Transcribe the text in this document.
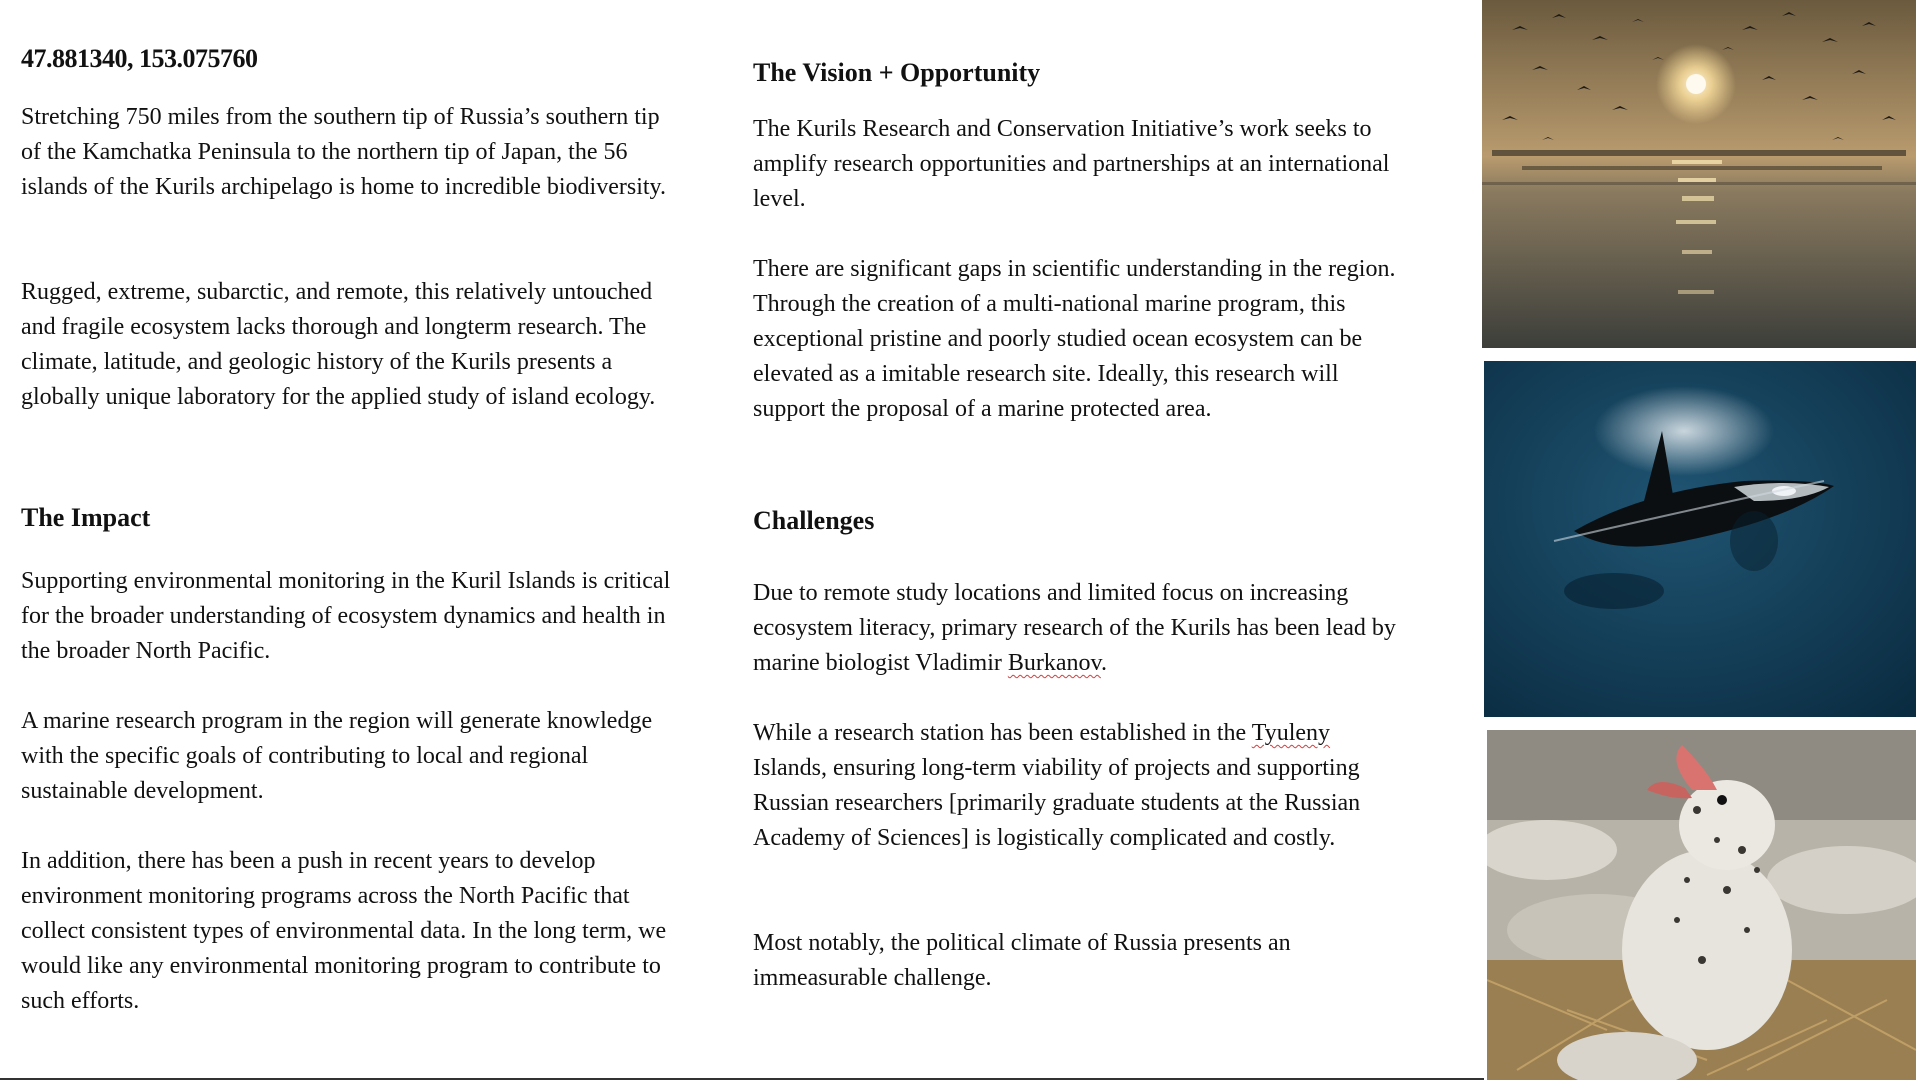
47.881340, 153.075760

Stretching 750 miles from the southern tip of Russia’s southern tip of the Kamchatka Peninsula to the northern tip of Japan, the 56 islands of the Kurils archipelago is home to incredible biodiversity.

Rugged, extreme, subarctic, and remote, this relatively untouched and fragile ecosystem lacks thorough and longterm research. The climate, latitude, and geologic history of the Kurils presents a globally unique laboratory for the applied study of island ecology.

The Impact

Supporting environmental monitoring in the Kuril Islands is critical for the broader understanding of ecosystem dynamics and health in the broader North Pacific.

A marine research program in the region will generate knowledge with the specific goals of contributing to local and regional sustainable development.

In addition, there has been a push in recent years to develop environment monitoring programs across the North Pacific that collect consistent types of environmental data. In the long term, we would like any environmental monitoring program to contribute to such efforts.

The Vision + Opportunity

The Kurils Research and Conservation Initiative’s work seeks to amplify research opportunities and partnerships at an international level.

There are significant gaps in scientific understanding in the region. Through the creation of a multi-national marine program, this exceptional pristine and poorly studied ocean ecosystem can be elevated as a imitable research site. Ideally, this research will support the proposal of a marine protected area.

Challenges

Due to remote study locations and limited focus on increasing ecosystem literacy, primary research of the Kurils has been lead by marine biologist Vladimir Burkanov.

While a research station has been established in the Tyuleny Islands, ensuring long-term viability of projects and supporting Russian researchers [primarily graduate students at the Russian Academy of Sciences] is logistically complicated and costly.

Most notably, the political climate of Russia presents an immeasurable challenge.
